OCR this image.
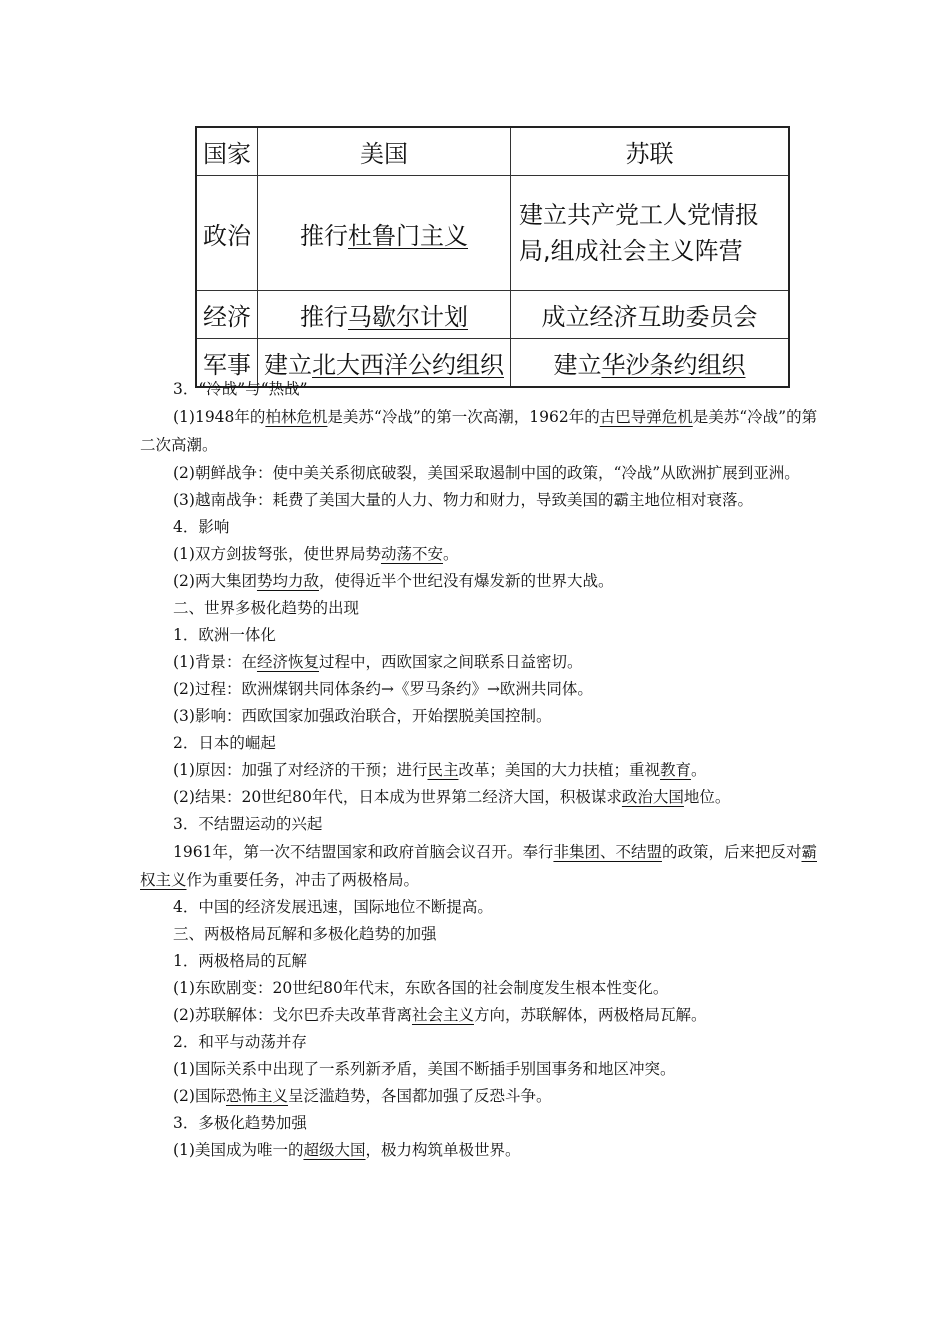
国家	美国	苏联
政治	推行杜鲁门主义	建立共产党工人党情报局,组成社会主义阵营
经济	推行马歇尔计划	成立经济互助委员会
军事	建立北大西洋公约组织	建立华沙条约组织

3．“冷战”与“热战”

(1)1948年的柏林危机是美苏“冷战”的第一次高潮，1962年的古巴导弹危机是美苏“冷战”的第二次高潮。

(2)朝鲜战争：使中美关系彻底破裂，美国采取遏制中国的政策，“冷战”从欧洲扩展到亚洲。

(3)越南战争：耗费了美国大量的人力、物力和财力，导致美国的霸主地位相对衰落。

4．影响

(1)双方剑拔弩张，使世界局势动荡不安。

(2)两大集团势均力敌，使得近半个世纪没有爆发新的世界大战。

二、世界多极化趋势的出现

1．欧洲一体化

(1)背景：在经济恢复过程中，西欧国家之间联系日益密切。

(2)过程：欧洲煤钢共同体条约→《罗马条约》→欧洲共同体。

(3)影响：西欧国家加强政治联合，开始摆脱美国控制。

2．日本的崛起

(1)原因：加强了对经济的干预；进行民主改革；美国的大力扶植；重视教育。

(2)结果：20世纪80年代，日本成为世界第二经济大国，积极谋求政治大国地位。

3．不结盟运动的兴起

1961年，第一次不结盟国家和政府首脑会议召开。奉行非集团、不结盟的政策，后来把反对霸权主义作为重要任务，冲击了两极格局。

4．中国的经济发展迅速，国际地位不断提高。

三、两极格局瓦解和多极化趋势的加强

1．两极格局的瓦解

(1)东欧剧变：20世纪80年代末，东欧各国的社会制度发生根本性变化。

(2)苏联解体：戈尔巴乔夫改革背离社会主义方向，苏联解体，两极格局瓦解。

2．和平与动荡并存

(1)国际关系中出现了一系列新矛盾，美国不断插手别国事务和地区冲突。

(2)国际恐怖主义呈泛滥趋势，各国都加强了反恐斗争。

3．多极化趋势加强

(1)美国成为唯一的超级大国，极力构筑单极世界。
